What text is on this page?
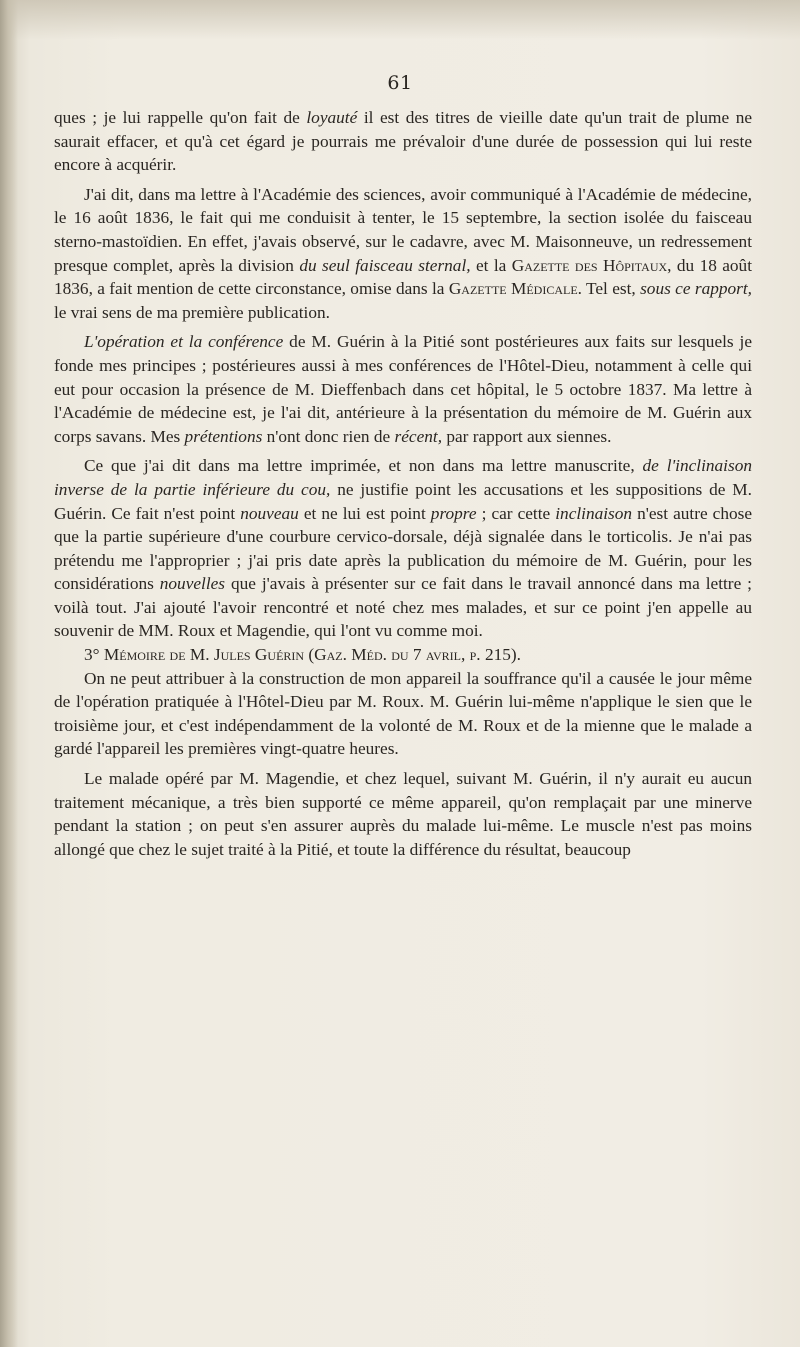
61

ques ; je lui rappelle qu'on fait de loyauté il est des titres de vieille date qu'un trait de plume ne saurait effacer, et qu'à cet égard je pourrais me prévaloir d'une durée de possession qui lui reste encore à acquérir.

J'ai dit, dans ma lettre à l'Académie des sciences, avoir communiqué à l'Académie de médecine, le 16 août 1836, le fait qui me conduisit à tenter, le 15 septembre, la section isolée du faisceau sterno-mastoïdien. En effet, j'avais observé, sur le cadavre, avec M. Maisonneuve, un redressement presque complet, après la division du seul faisceau sternal, et la Gazette des Hôpitaux, du 18 août 1836, a fait mention de cette circonstance, omise dans la Gazette Médicale. Tel est, sous ce rapport, le vrai sens de ma première publication.

L'opération et la conférence de M. Guérin à la Pitié sont postérieures aux faits sur lesquels je fonde mes principes ; postérieures aussi à mes conférences de l'Hôtel-Dieu, notamment à celle qui eut pour occasion la présence de M. Dieffenbach dans cet hôpital, le 5 octobre 1837. Ma lettre à l'Académie de médecine est, je l'ai dit, antérieure à la présentation du mémoire de M. Guérin aux corps savans. Mes prétentions n'ont donc rien de récent, par rapport aux siennes.

Ce que j'ai dit dans ma lettre imprimée, et non dans ma lettre manuscrite, de l'inclinaison inverse de la partie inférieure du cou, ne justifie point les accusations et les suppositions de M. Guérin. Ce fait n'est point nouveau et ne lui est point propre ; car cette inclinaison n'est autre chose que la partie supérieure d'une courbure cervico-dorsale, déjà signalée dans le torticolis. Je n'ai pas prétendu me l'approprier ; j'ai pris date après la publication du mémoire de M. Guérin, pour les considérations nouvelles que j'avais à présenter sur ce fait dans le travail annoncé dans ma lettre ; voilà tout. J'ai ajouté l'avoir rencontré et noté chez mes malades, et sur ce point j'en appelle au souvenir de MM. Roux et Magendie, qui l'ont vu comme moi.

3° Mémoire de M. Jules Guérin (Gaz. Méd. du 7 avril, p. 215).

On ne peut attribuer à la construction de mon appareil la souffrance qu'il a causée le jour même de l'opération pratiquée à l'Hôtel-Dieu par M. Roux. M. Guérin lui-même n'applique le sien que le troisième jour, et c'est indépendamment de la volonté de M. Roux et de la mienne que le malade a gardé l'appareil les premières vingt-quatre heures.

Le malade opéré par M. Magendie, et chez lequel, suivant M. Guérin, il n'y aurait eu aucun traitement mécanique, a très bien supporté ce même appareil, qu'on remplaçait par une minerve pendant la station ; on peut s'en assurer auprès du malade lui-même. Le muscle n'est pas moins allongé que chez le sujet traité à la Pitié, et toute la différence du résultat, beaucoup
